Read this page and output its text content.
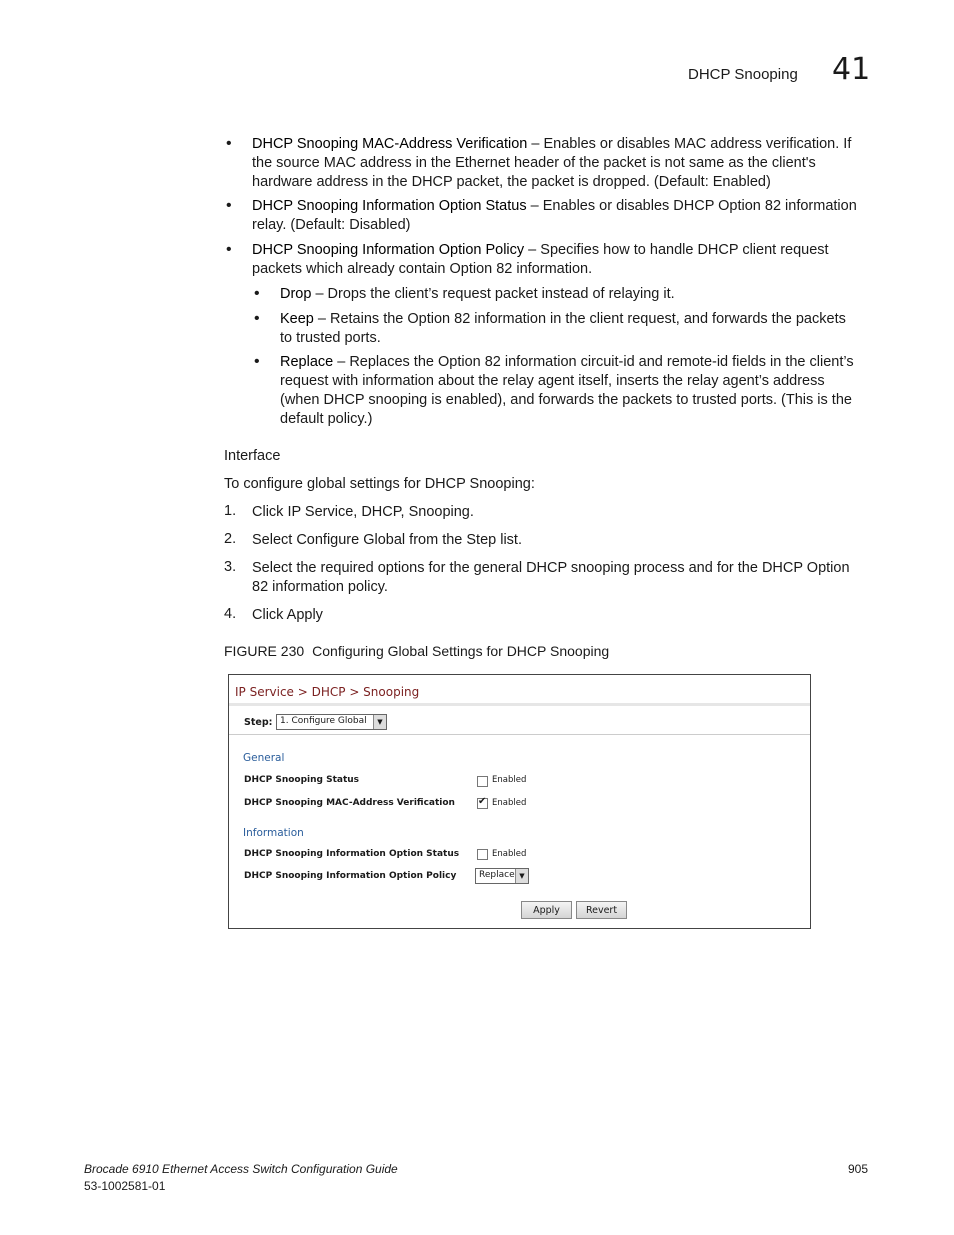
DHCP Snooping 41
• DHCP Snooping MAC-Address Verification – Enables or disables MAC address verification. If
the source MAC address in the Ethernet header of the packet is not same as the client's
hardware address in the DHCP packet, the packet is dropped. (Default: Enabled)
• DHCP Snooping Information Option Status – Enables or disables DHCP Option 82 information
relay. (Default: Disabled)
• DHCP Snooping Information Option Policy – Specifies how to handle DHCP client request
packets which already contain Option 82 information.
• Drop – Drops the client’s request packet instead of relaying it.
• Keep – Retains the Option 82 information in the client request, and forwards the packets
to trusted ports.
• Replace – Replaces the Option 82 information circuit-id and remote-id fields in the client’s
request with information about the relay agent itself, inserts the relay agent’s address
(when DHCP snooping is enabled), and forwards the packets to trusted ports. (This is the
default policy.)
Interface
To configure global settings for DHCP Snooping:
1. Click IP Service, DHCP, Snooping.
2. Select Configure Global from the Step list.
3. Select the required options for the general DHCP snooping process and for the DHCP Option
82 information policy.
4. Click Apply
FIGURE 230 Configuring Global Settings for DHCP Snooping
IP Service > DHCP > Snooping
Step: 1. Configure Global	▼
General
DHCP Snooping Status	Enabled
DHCP Snooping MAC-Address Verification ✔ Enabled
Information
DHCP Snooping Information Option Status	Enabled
DHCP Snooping Information Option Policy	Replace ▼
Apply	Revert
Brocade 6910 Ethernet Access Switch Configuration Guide
53-1002581-01
905
